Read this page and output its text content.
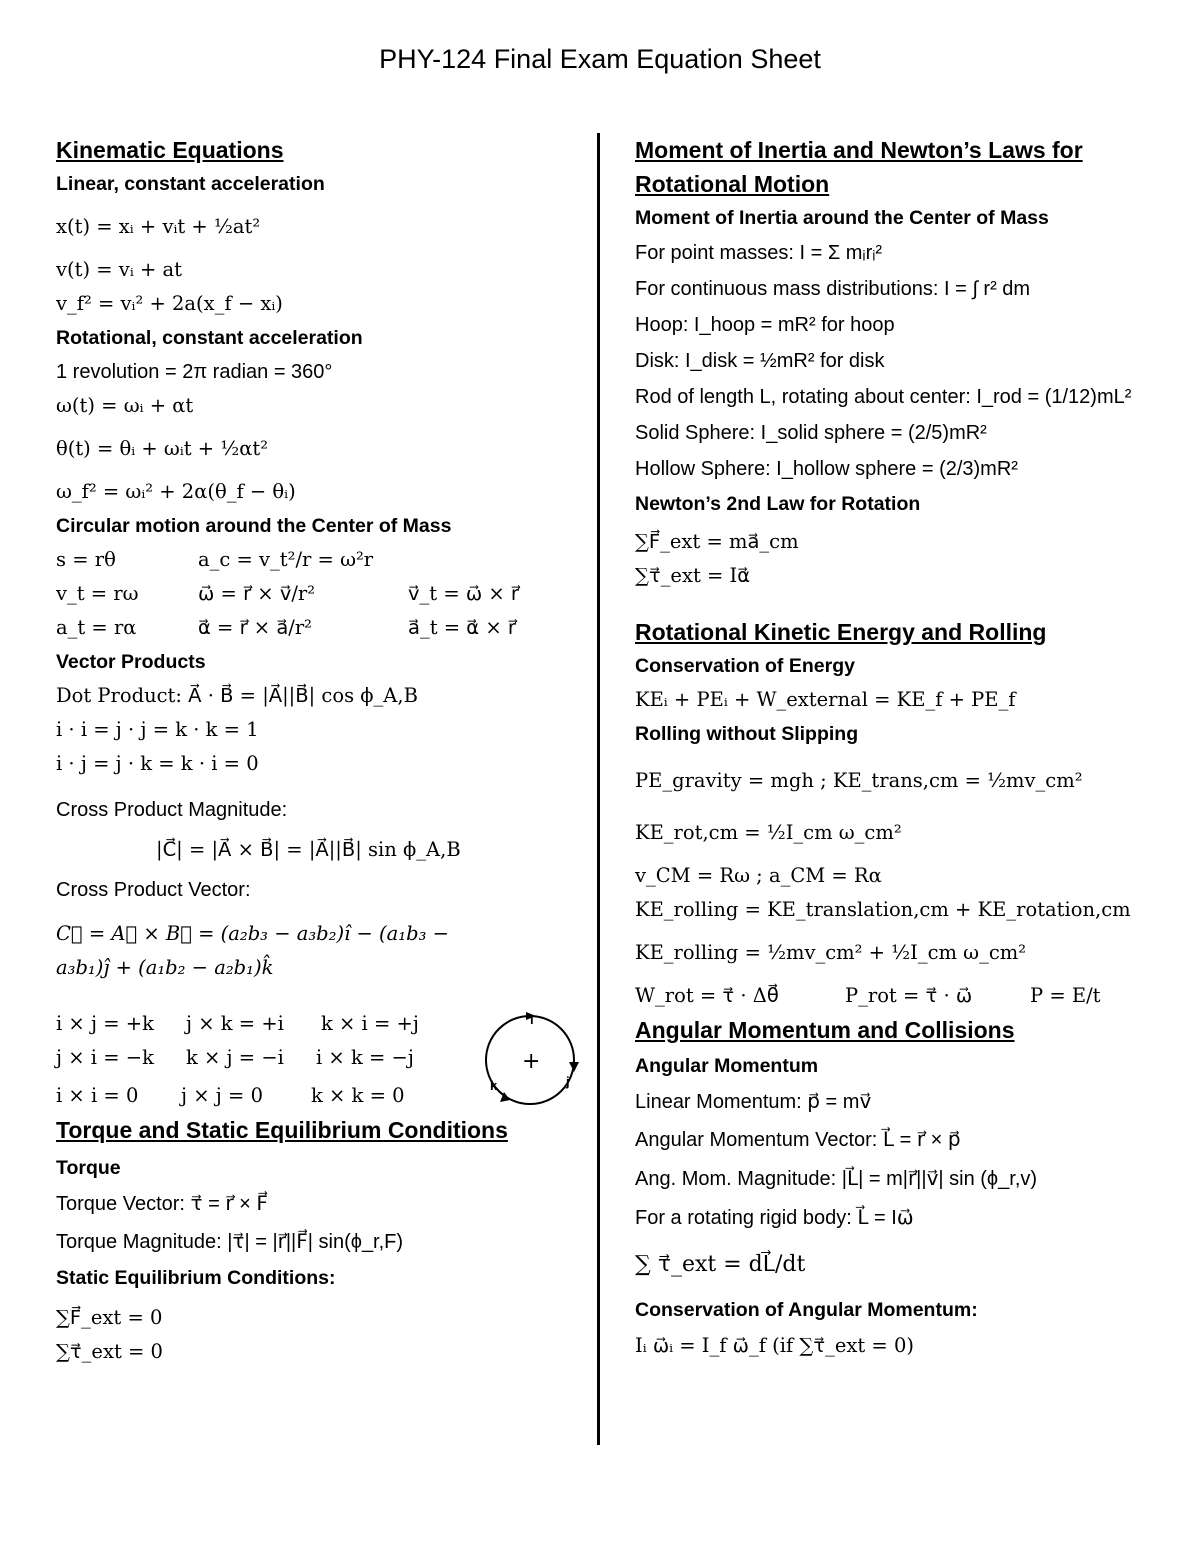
PHY-124 Final Exam Equation Sheet
Kinematic Equations
Linear, constant acceleration
x(t) = xᵢ + vᵢt + ½at²
v(t) = vᵢ + at
v_f² = vᵢ² + 2a(x_f − xᵢ)
Rotational, constant acceleration
1 revolution = 2π radian = 360°
ω(t) = ωᵢ + αt
θ(t) = θᵢ + ωᵢt + ½αt²
ω_f² = ωᵢ² + 2α(θ_f − θᵢ)
Circular motion around the Center of Mass
s = rθ	a_c = v_t²/r = ω²r
v_t = rω	ω⃗ = r⃗ × v⃗/r²	v⃗_t = ω⃗ × r⃗
a_t = rα	α⃗ = r⃗ × a⃗/r²	a⃗_t = α⃗ × r⃗
Vector Products
Dot Product: A⃗ · B⃗ = |A⃗||B⃗| cos ϕ_A,B
i · i = j · j = k · k = 1
i · j = j · k = k · i = 0
Cross Product Magnitude:
|C⃗| = |A⃗ × B⃗| = |A⃗||B⃗| sin ϕ_A,B
Cross Product Vector:
C⃗ = A⃗ × B⃗ = (a₂b₃ − a₃b₂)î − (a₁b₃ −
a₃b₁)ĵ + (a₁b₂ − a₂b₁)k̂
i × j = +k j × k = +i k × i = +j
j × i = −k k × j = −i i × k = −j
i × i = 0 j × j = 0 k × k = 0
Torque and Static Equilibrium Conditions
Torque
Torque Vector: τ⃗ = r⃗ × F⃗
Torque Magnitude: |τ⃗| = |r⃗||F⃗| sin(ϕ_r,F)
Static Equilibrium Conditions:
∑F⃗_ext = 0
∑τ⃗_ext = 0
i
j
k
+
Moment of Inertia and Newton’s Laws for
Rotational Motion
Moment of Inertia around the Center of Mass
For point masses: I = Σ mᵢrᵢ²
For continuous mass distributions: I = ∫ r² dm
Hoop: I_hoop = mR² for hoop
Disk: I_disk = ½mR² for disk
Rod of length L, rotating about center: I_rod = (1/12)mL²
Solid Sphere: I_solid sphere = (2/5)mR²
Hollow Sphere: I_hollow sphere = (2/3)mR²
Newton’s 2nd Law for Rotation
∑F⃗_ext = ma⃗_cm
∑τ⃗_ext = Iα⃗
Rotational Kinetic Energy and Rolling
Conservation of Energy
KEᵢ + PEᵢ + W_external = KE_f + PE_f
Rolling without Slipping
PE_gravity = mgh ; KE_trans,cm = ½mv_cm²
KE_rot,cm = ½I_cm ω_cm²
v_CM = Rω ; a_CM = Rα
KE_rolling = KE_translation,cm + KE_rotation,cm
KE_rolling = ½mv_cm² + ½I_cm ω_cm²
W_rot = τ⃗ · Δθ⃗	P_rot = τ⃗ · ω⃗	P = E/t
Angular Momentum and Collisions
Angular Momentum
Linear Momentum: p⃗ = mv⃗
Angular Momentum Vector: L⃗ = r⃗ × p⃗
Ang. Mom. Magnitude: |L⃗| = m|r⃗||v⃗| sin (ϕ_r,v)
For a rotating rigid body: L⃗ = Iω⃗
∑ τ⃗_ext = dL⃗/dt
Conservation of Angular Momentum:
Iᵢ ω⃗ᵢ = I_f ω⃗_f (if ∑τ⃗_ext = 0)
